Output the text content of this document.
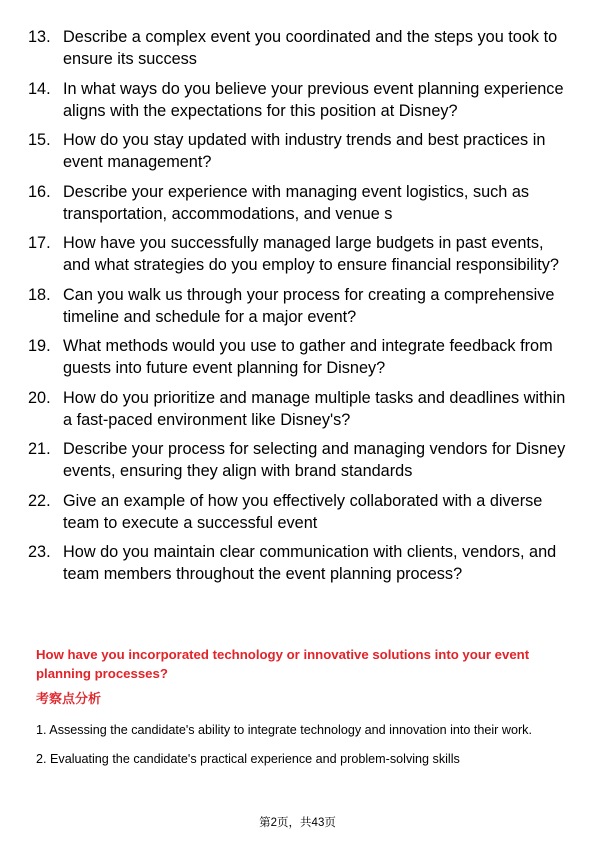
13. Describe a complex event you coordinated and the steps you took to ensure its success
14. In what ways do you believe your previous event planning experience aligns with the expectations for this position at Disney?
15. How do you stay updated with industry trends and best practices in event management?
16. Describe your experience with managing event logistics, such as transportation, accommodations, and venue s
17. How have you successfully managed large budgets in past events, and what strategies do you employ to ensure financial responsibility?
18. Can you walk us through your process for creating a comprehensive timeline and schedule for a major event?
19. What methods would you use to gather and integrate feedback from guests into future event planning for Disney?
20. How do you prioritize and manage multiple tasks and deadlines within a fast-paced environment like Disney's?
21. Describe your process for selecting and managing vendors for Disney events, ensuring they align with brand standards
22. Give an example of how you effectively collaborated with a diverse team to execute a successful event
23. How do you maintain clear communication with clients, vendors, and team members throughout the event planning process?
How have you incorporated technology or innovative solutions into your event planning processes?
考察点分析

1. Assessing the candidate's ability to integrate technology and innovation into their work.

2. Evaluating the candidate's practical experience and problem-solving skills

第2页，共43页
